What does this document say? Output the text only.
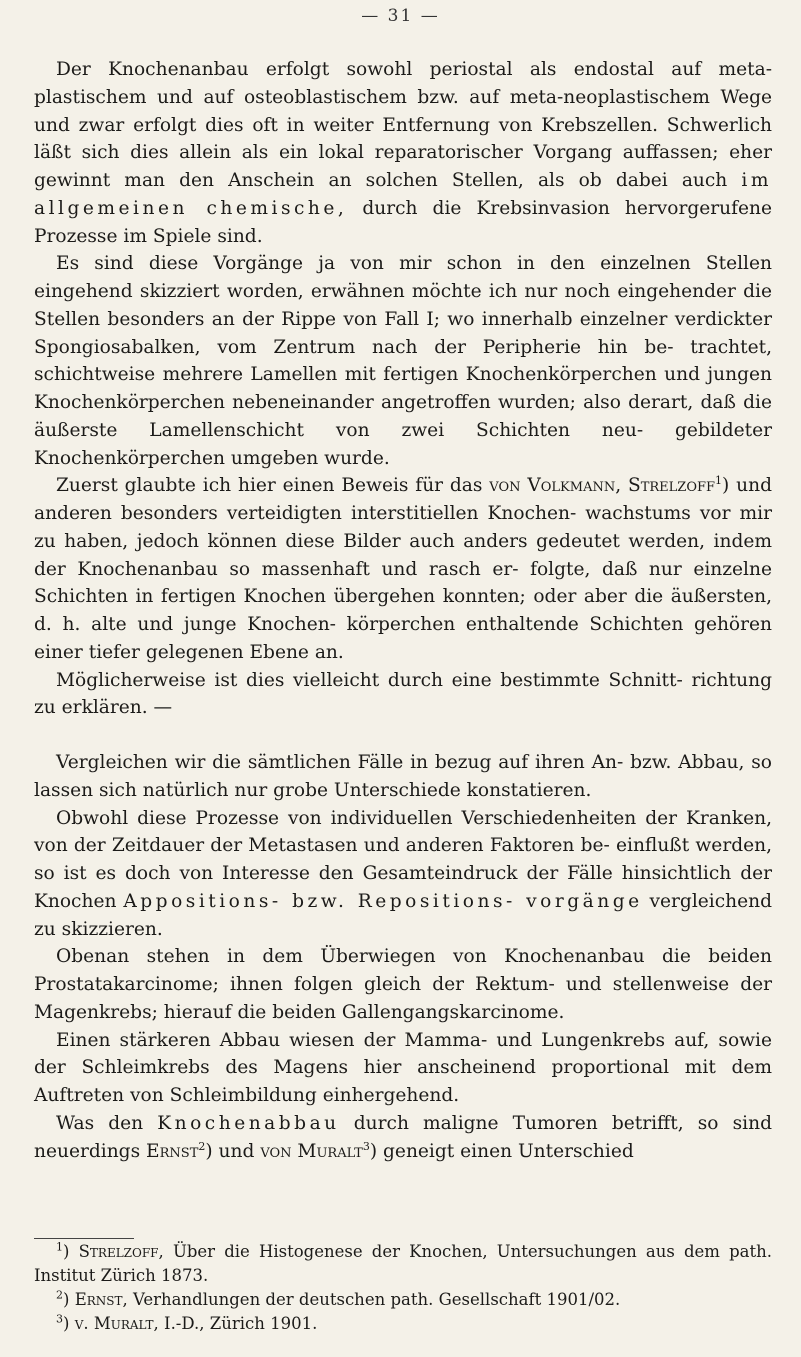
— 31 —

Der Knochenanbau erfolgt sowohl periostal als endostal auf meta- plastischem und auf osteoblastischem bzw. auf meta-neoplastischem Wege und zwar erfolgt dies oft in weiter Entfernung von Krebszellen. Schwerlich läßt sich dies allein als ein lokal reparatorischer Vorgang auffassen; eher gewinnt man den Anschein an solchen Stellen, als ob dabei auch im allgemeinen chemische, durch die Krebsinvasion hervorgerufene Prozesse im Spiele sind.

Es sind diese Vorgänge ja von mir schon in den einzelnen Stellen eingehend skizziert worden, erwähnen möchte ich nur noch eingehender die Stellen besonders an der Rippe von Fall I; wo innerhalb einzelner verdickter Spongiosabalken, vom Zentrum nach der Peripherie hin be- trachtet, schichtweise mehrere Lamellen mit fertigen Knochenkörperchen und jungen Knochenkörperchen nebeneinander angetroffen wurden; also derart, daß die äußerste Lamellenschicht von zwei Schichten neu- gebildeter Knochenkörperchen umgeben wurde.

Zuerst glaubte ich hier einen Beweis für das von Volkmann, Strelzoff$^1$) und anderen besonders verteidigten interstitiellen Knochen- wachstums vor mir zu haben, jedoch können diese Bilder auch anders gedeutet werden, indem der Knochenanbau so massenhaft und rasch er- folgte, daß nur einzelne Schichten in fertigen Knochen übergehen konnten; oder aber die äußersten, d. h. alte und junge Knochen- körperchen enthaltende Schichten gehören einer tiefer gelegenen Ebene an.

Möglicherweise ist dies vielleicht durch eine bestimmte Schnitt- richtung zu erklären. —

Vergleichen wir die sämtlichen Fälle in bezug auf ihren An- bzw. Abbau, so lassen sich natürlich nur grobe Unterschiede konstatieren.

Obwohl diese Prozesse von individuellen Verschiedenheiten der Kranken, von der Zeitdauer der Metastasen und anderen Faktoren be- einflußt werden, so ist es doch von Interesse den Gesamteindruck der Fälle hinsichtlich der Knochen Appositions- bzw. Repositions- vorgänge vergleichend zu skizzieren.

Obenan stehen in dem Überwiegen von Knochenanbau die beiden Prostatakarcinome; ihnen folgen gleich der Rektum- und stellenweise der Magenkrebs; hierauf die beiden Gallengangskarcinome.

Einen stärkeren Abbau wiesen der Mamma- und Lungenkrebs auf, sowie der Schleimkrebs des Magens hier anscheinend proportional mit dem Auftreten von Schleimbildung einhergehend.

Was den Knochenabbau durch maligne Tumoren betrifft, so sind neuerdings Ernst$^2$) und von Muralt$^3$) geneigt einen Unterschied

$^1$) Strelzoff, Über die Histogenese der Knochen, Untersuchungen aus dem path. Institut Zürich 1873.

$^2$) Ernst, Verhandlungen der deutschen path. Gesellschaft 1901/02.

$^3$) v. Muralt, I.-D., Zürich 1901.
